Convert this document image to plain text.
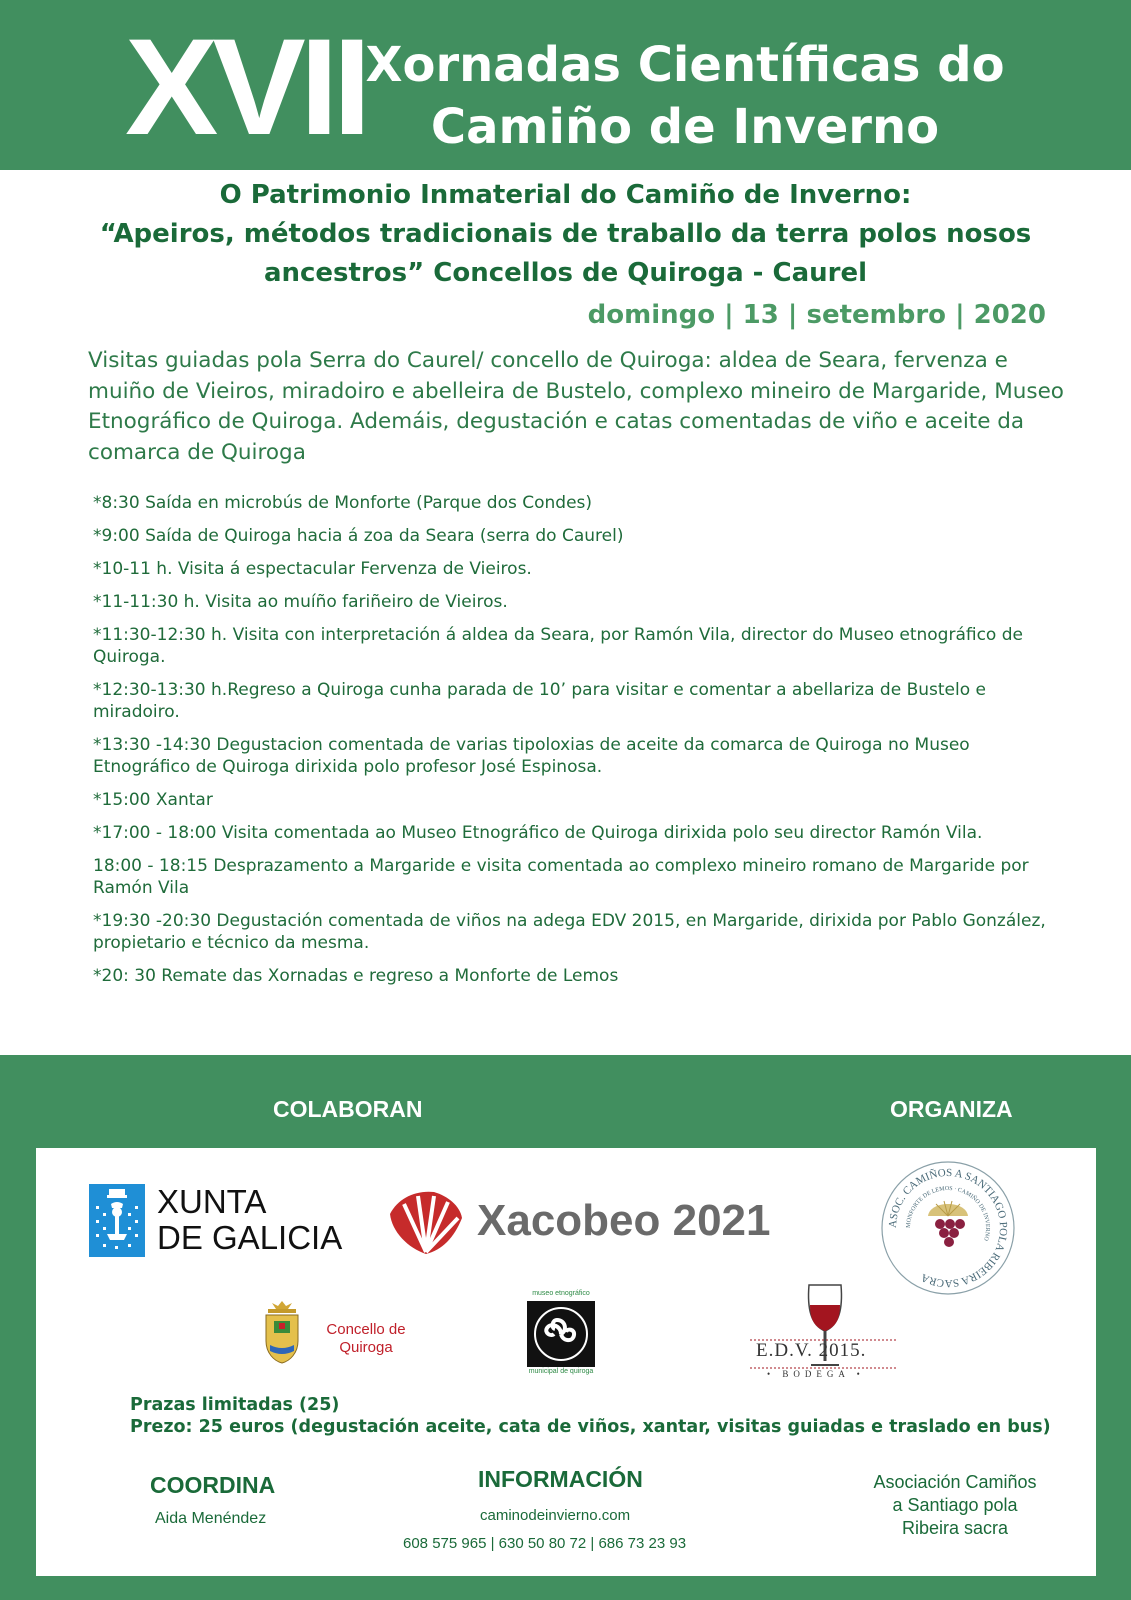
XVII Xornadas Científicas do
Camiño de Inverno
O Patrimonio Inmaterial do Camiño de Inverno:
“Apeiros, métodos tradicionais de traballo da terra polos nosos
ancestros” Concellos de Quiroga - Caurel
domingo | 13 | setembro | 2020
Visitas guiadas pola Serra do Caurel/ concello de Quiroga: aldea de Seara, fervenza e muiño de Vieiros, miradoiro e abelleira de Bustelo, complexo mineiro de Margaride, Museo Etnográfico de Quiroga. Ademáis, degustación e catas comentadas de viño e aceite da comarca de Quiroga
*8:30 Saída en microbús de Monforte (Parque dos Condes)
*9:00 Saída de Quiroga hacia á zoa da Seara (serra do Caurel)
*10-11 h. Visita á espectacular Fervenza de Vieiros.
*11-11:30 h. Visita ao muíño fariñeiro de Vieiros.
*11:30-12:30 h. Visita con interpretación á aldea da Seara, por Ramón Vila, director do Museo etnográfico de Quiroga.
*12:30-13:30 h.Regreso a Quiroga cunha parada de 10’ para visitar e comentar a abellariza de Bustelo e miradoiro.
*13:30 -14:30 Degustacion comentada de varias tipoloxias de aceite da comarca de Quiroga no Museo Etnográfico de Quiroga dirixida polo profesor José Espinosa.
*15:00 Xantar
*17:00 - 18:00 Visita comentada ao Museo Etnográfico de Quiroga dirixida polo seu director Ramón Vila.
18:00 - 18:15 Desprazamento a Margaride e visita comentada ao complexo mineiro romano de Margaride por Ramón Vila
*19:30 -20:30 Degustación comentada de viños na adega EDV 2015, en Margaride, dirixida por Pablo González, propietario e técnico da mesma.
*20: 30 Remate das Xornadas e regreso a Monforte de Lemos
COLABORAN	ORGANIZA
XUNTA
DE GALICIA	Xacobeo 2021	ASOC. CAMIÑOS A SANTIAGO POLA RIBEIRA SACRA
MONFORTE DE LEMOS · CAMIÑO DE INVERNO
Concello de
Quiroga
museo etnográfico
municipal de quiroga
E.D.V. 2015.
• BODEGA •
Prazas limitadas (25)
Prezo: 25 euros (degustación aceite, cata de viños, xantar, visitas guiadas e traslado en bus)
COORDINA
Aida Menéndez
INFORMACIÓN
caminodeinvierno.com
608 575 965 | 630 50 80 72 | 686 73 23 93
Asociación Camiños
a Santiago pola
Ribeira sacra
